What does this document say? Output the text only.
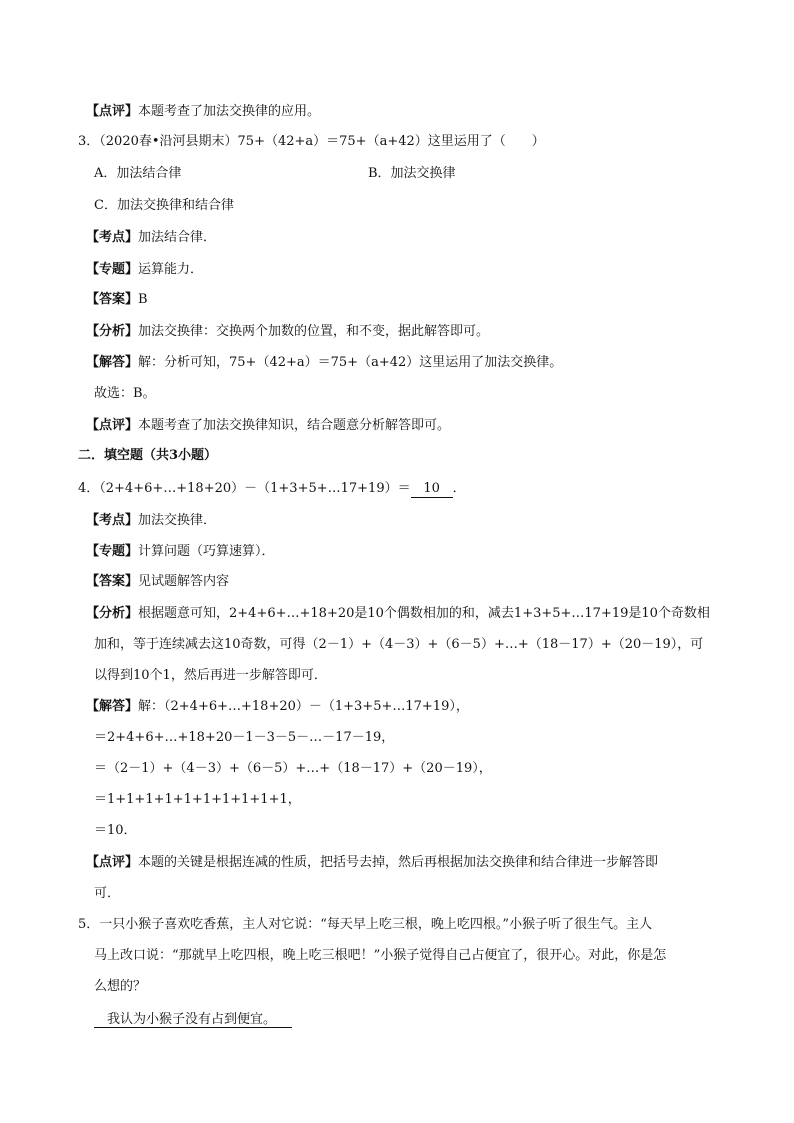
【点评】本题考查了加法交换律的应用。
3．（2020春•沿河县期末）75+（42+a）＝75+（a+42）这里运用了（　　）
A．加法结合律	B．加法交换律
C．加法交换律和结合律
【考点】加法结合律．
【专题】运算能力．
【答案】B
【分析】加法交换律：交换两个加数的位置，和不变，据此解答即可。
【解答】解：分析可知，75+（42+a）＝75+（a+42）这里运用了加法交换律。
故选：B。
【点评】本题考查了加法交换律知识，结合题意分析解答即可。
二．填空题（共3小题）
4．（2+4+6+…+18+20）－（1+3+5+…17+19）＝ 10 ．
【考点】加法交换律．
【专题】计算问题（巧算速算）．
【答案】见试题解答内容
【分析】根据题意可知，2+4+6+…+18+20是10个偶数相加的和，减去1+3+5+…17+19是10个奇数相
加和，等于连续减去这10奇数，可得（2－1）+（4－3）+（6－5）+…+（18－17）+（20－19），可
以得到10个1，然后再进一步解答即可．
【解答】解：（2+4+6+…+18+20）－（1+3+5+…17+19），
＝2+4+6+…+18+20－1－3－5－…－17－19，
＝（2－1）+（4－3）+（6－5）+…+（18－17）+（20－19），
＝1+1+1+1+1+1+1+1+1+1，
＝10．
【点评】本题的关键是根据连减的性质，把括号去掉，然后再根据加法交换律和结合律进一步解答即
可．
5．一只小猴子喜欢吃香蕉，主人对它说：“每天早上吃三根，晚上吃四根。”小猴子听了很生气。主人
马上改口说：“那就早上吃四根，晚上吃三根吧！”小猴子觉得自己占便宜了，很开心。对此，你是怎
么想的？
　我认为小猴子没有占到便宜。
